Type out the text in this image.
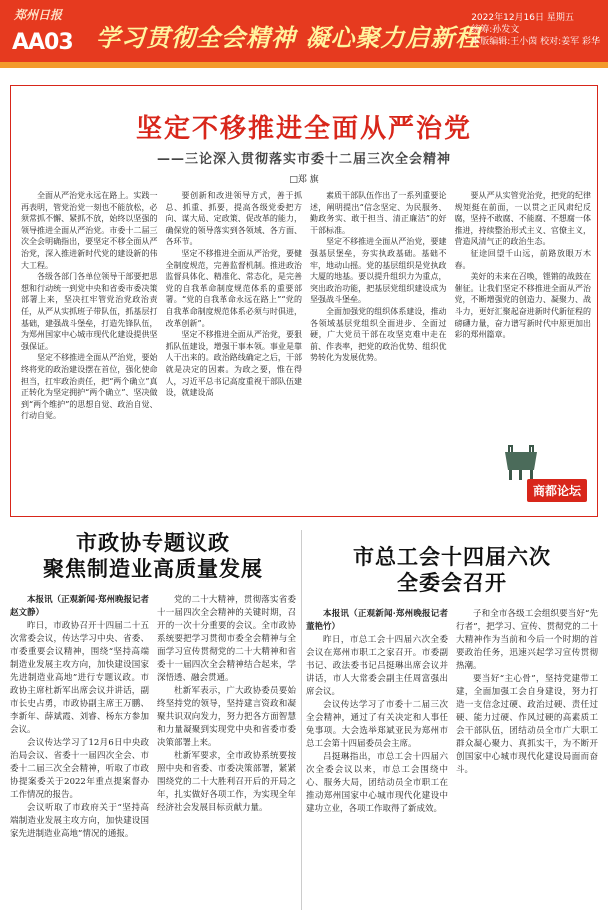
郑州日报
AA03 学习贯彻全会精神 凝心聚力启新程
2022年12月16日 星期五
统筹:孙发文
本版编辑:王小茵 校对:姜军 彩华
坚定不移推进全面从严治党
——三论深入贯彻落实市委十二届三次全会精神
□郑 旗

全面从严治党永远在路上。实践一再表明，管党治党一刻也不能放松，必须常抓不懈、紧抓不放，始终以坚强的领导推进全面从严治党。市委十二届三次全会明确指出，要坚定不移全面从严治党，深入推进新时代党的建设新的伟大工程。

各级各部门各单位领导干部要把思想和行动统一到党中央和省委市委决策部署上来，坚决扛牢管党治党政治责任，从严从实抓班子带队伍，抓基层打基础，建强战斗堡垒，打造先锋队伍，为郑州国家中心城市现代化建设提供坚强保证。

坚定不移推进全面从严治党，要始终将党的政治建设摆在首位，强化使命担当，扛牢政治责任，把“两个确立”真正转化为坚定拥护“两个确立”、坚决做到“两个维护”的思想自觉、政治自觉、行动自觉。

要创新和改进领导方式，善于抓总、抓重、抓要，提高各级党委把方向、谋大局、定政策、促改革的能力，确保党的领导落实到各领域、各方面、各环节。

坚定不移推进全面从严治党，要健全制度规范，完善监督机制。推进政治监督具体化、精准化、常态化，是完善党的自我革命制度规范体系的重要部署。“党的自我革命永远在路上”“党的自我革命制度规范体系必须与时俱进，改革创新”。

坚定不移推进全面从严治党，要狠抓队伍建设，增强干事本领。事业是靠人干出来的。政治路线确定之后，干部就是决定的因素。为政之要，惟在得人，习近平总书记高度重视干部队伍建设，就建设高

素质干部队伍作出了一系列重要论述，阐明提出“信念坚定、为民服务、勤政务实、敢于担当、清正廉洁”的好干部标准。

坚定不移推进全面从严治党，要建强基层堡垒，夯实执政基础。基础不牢，地动山摇。党的基层组织是党执政大厦的地基。要以提升组织力为重点，突出政治功能，把基层党组织建设成为坚强战斗堡垒。

全面加强党的组织体系建设，推动各领域基层党组织全面进步、全面过硬，广大党员干部在攻坚克难中走在前、作表率，把党的政治优势、组织优势转化为发展优势。

要从严从实管党治党，把党的纪律规矩挺在前面，一以贯之正风肃纪反腐，坚持不敢腐、不能腐、不想腐一体推进，持续整治形式主义、官僚主义，营造风清气正的政治生态。

征途回望千山远，前路放眼万木春。

美好的未来在召唤，铿锵的战鼓在催征。让我们坚定不移推进全面从严治党，不断增强党的创造力、凝聚力、战斗力，更好汇聚起奋进新时代新征程的磅礴力量，奋力谱写新时代中原更加出彩的郑州篇章。

商都论坛
市政协专题议政
聚焦制造业高质量发展

本报讯（正观新闻·郑州晚报记者 赵文静）

昨日，市政协召开十四届二十五次常委会议，传达学习中央、省委、市委重要会议精神，围绕“坚持高端制造业发展主攻方向，加快建设国家先进制造业高地”进行专题议政。市政协主席杜新军出席会议并讲话，副市长史占勇，市政协副主席王万鹏、李新年、薛斌霞、刘睿、杨东方参加会议。

会议传达学习了12月6日中央政治局会议、省委十一届四次全会、市委十二届三次全会精神，听取了市政协提案委关于2022年重点提案督办工作情况的报告。

会议听取了市政府关于“坚持高端制造业发展主攻方向，加快建设国家先进制造业高地”情况的通报。

党的二十大精神，贯彻落实省委十一届四次全会精神的关键时期，召开的一次十分重要的会议。全市政协系统要把学习贯彻市委全会精神与全面学习宣传贯彻党的二十大精神和省委十一届四次全会精神结合起来，学深悟透、融会贯通。

杜新军表示，广大政协委员要始终坚持党的领导，坚持建言资政和凝聚共识双向发力，努力把各方面智慧和力量凝聚到实现党中央和省委市委决策部署上来。

杜新军要求，全市政协系统要按照中央和省委、市委决策部署，紧紧围绕党的二十大胜利召开后的开局之年，扎实做好各项工作，为实现全年经济社会发展目标贡献力量。

市总工会十四届六次
全委会召开

本报讯（正观新闻·郑州晚报记者 董艳竹）

昨日，市总工会十四届六次全委会议在郑州市职工之家召开。市委副书记、政法委书记吕挺琳出席会议并讲话，市人大常委会副主任周富强出席会议。

会议传达学习了市委十二届三次全会精神，通过了有关决定和人事任免事项。大会选举郑斌亚民为郑州市总工会第十四届委员会主席。

吕挺琳指出，市总工会十四届六次全委会议以来，市总工会围绕中心、服务大局，团结动员全市职工在推动郑州国家中心城市现代化建设中建功立业，各项工作取得了新成效。

子和全市各级工会组织要当好“先行者”，把学习、宣传、贯彻党的二十大精神作为当前和今后一个时期的首要政治任务，迅速兴起学习宣传贯彻热潮。

要当好“主心骨”，坚持党建带工建，全面加强工会自身建设，努力打造一支信念过硬、政治过硬、责任过硬、能力过硬、作风过硬的高素质工会干部队伍，团结动员全市广大职工群众凝心聚力、真抓实干，为不断开创国家中心城市现代化建设局面而奋斗。
